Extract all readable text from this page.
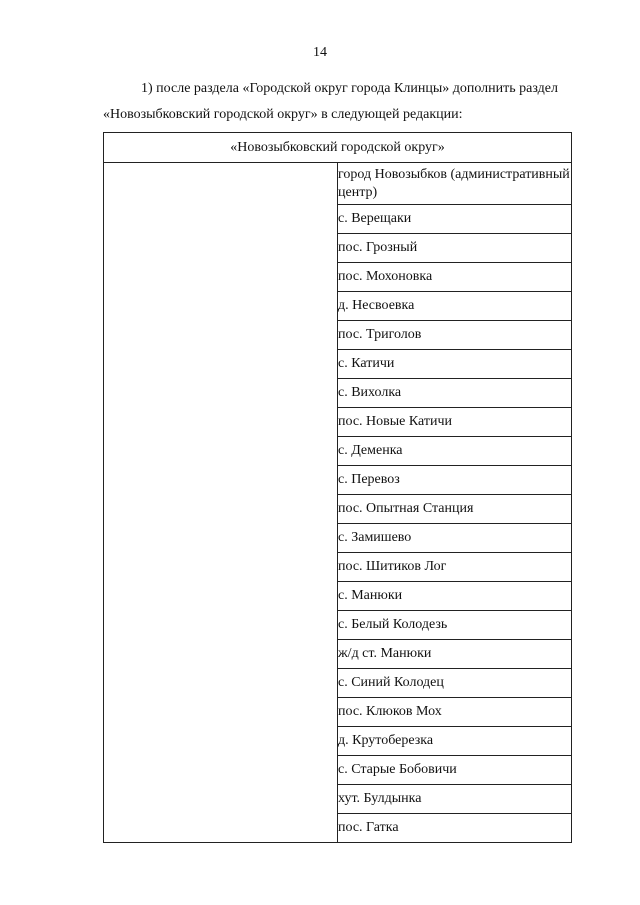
14
1) после раздела «Городской округ города Клинцы» дополнить раздел
«Новозыбковский городской округ» в следующей редакции:
«Новозыбковский городской округ»
	город Новозыбков (административный центр)
с. Верещаки
пос. Грозный
пос. Мохоновка
д. Несвоевка
пос. Триголов
с. Катичи
с. Вихолка
пос. Новые Катичи
с. Деменка
с. Перевоз
пос. Опытная Станция
с. Замишево
пос. Шитиков Лог
с. Манюки
с. Белый Колодезь
ж/д ст. Манюки
с. Синий Колодец
пос. Клюков Мох
д. Крутоберезка
с. Старые Бобовичи
хут. Булдынка
пос. Гатка
